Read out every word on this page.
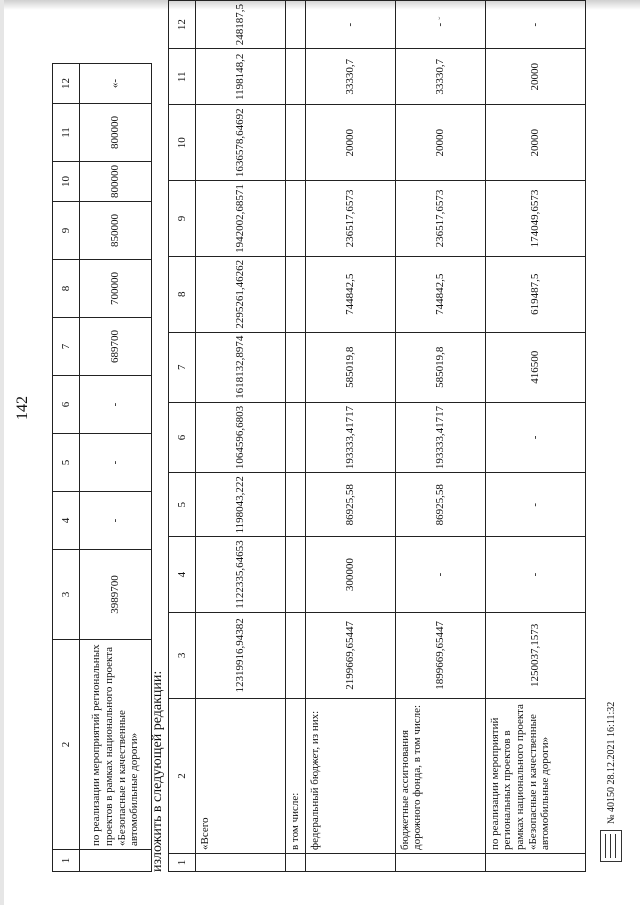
142
1	2	3	4	5	6	7	8	9	10	11	12
	по реализации мероприятий региональных проектов в рамках национального проекта «Безопасные и качественные автомобильные дороги»	3989700	-	-	-	689700	700000	850000	800000	800000	«-
изложить в следующей редакции: 1	2	3	4	5	6	7	8	9	10	11	12
	«Всего	12319916,94382	1122335,64653	1198043,222	1064596,6803	1618132,8974	2295261,46262	1942002,68571	1636578,64692	1198148,2	248187,5
	в том числе:										
	федеральный бюджет, из них:	2199669,65447	300000	86925,58	193333,41717	585019,8	744842,5	236517,6573	20000	33330,7	-
	бюджетные ассигнования дорожного фонда, в том числе:	1899669,65447	-	86925,58	193333,41717	585019,8	744842,5	236517,6573	20000	33330,7	-
	по реализации мероприятий региональных проектов в рамках национального проекта «Безопасные и качественные автомобильные дороги»	1250037,1573	-	-	-	416500	619487,5	174049,6573	20000	20000	-
№ 40150 28.12.2021 16:11:32
ˇ
